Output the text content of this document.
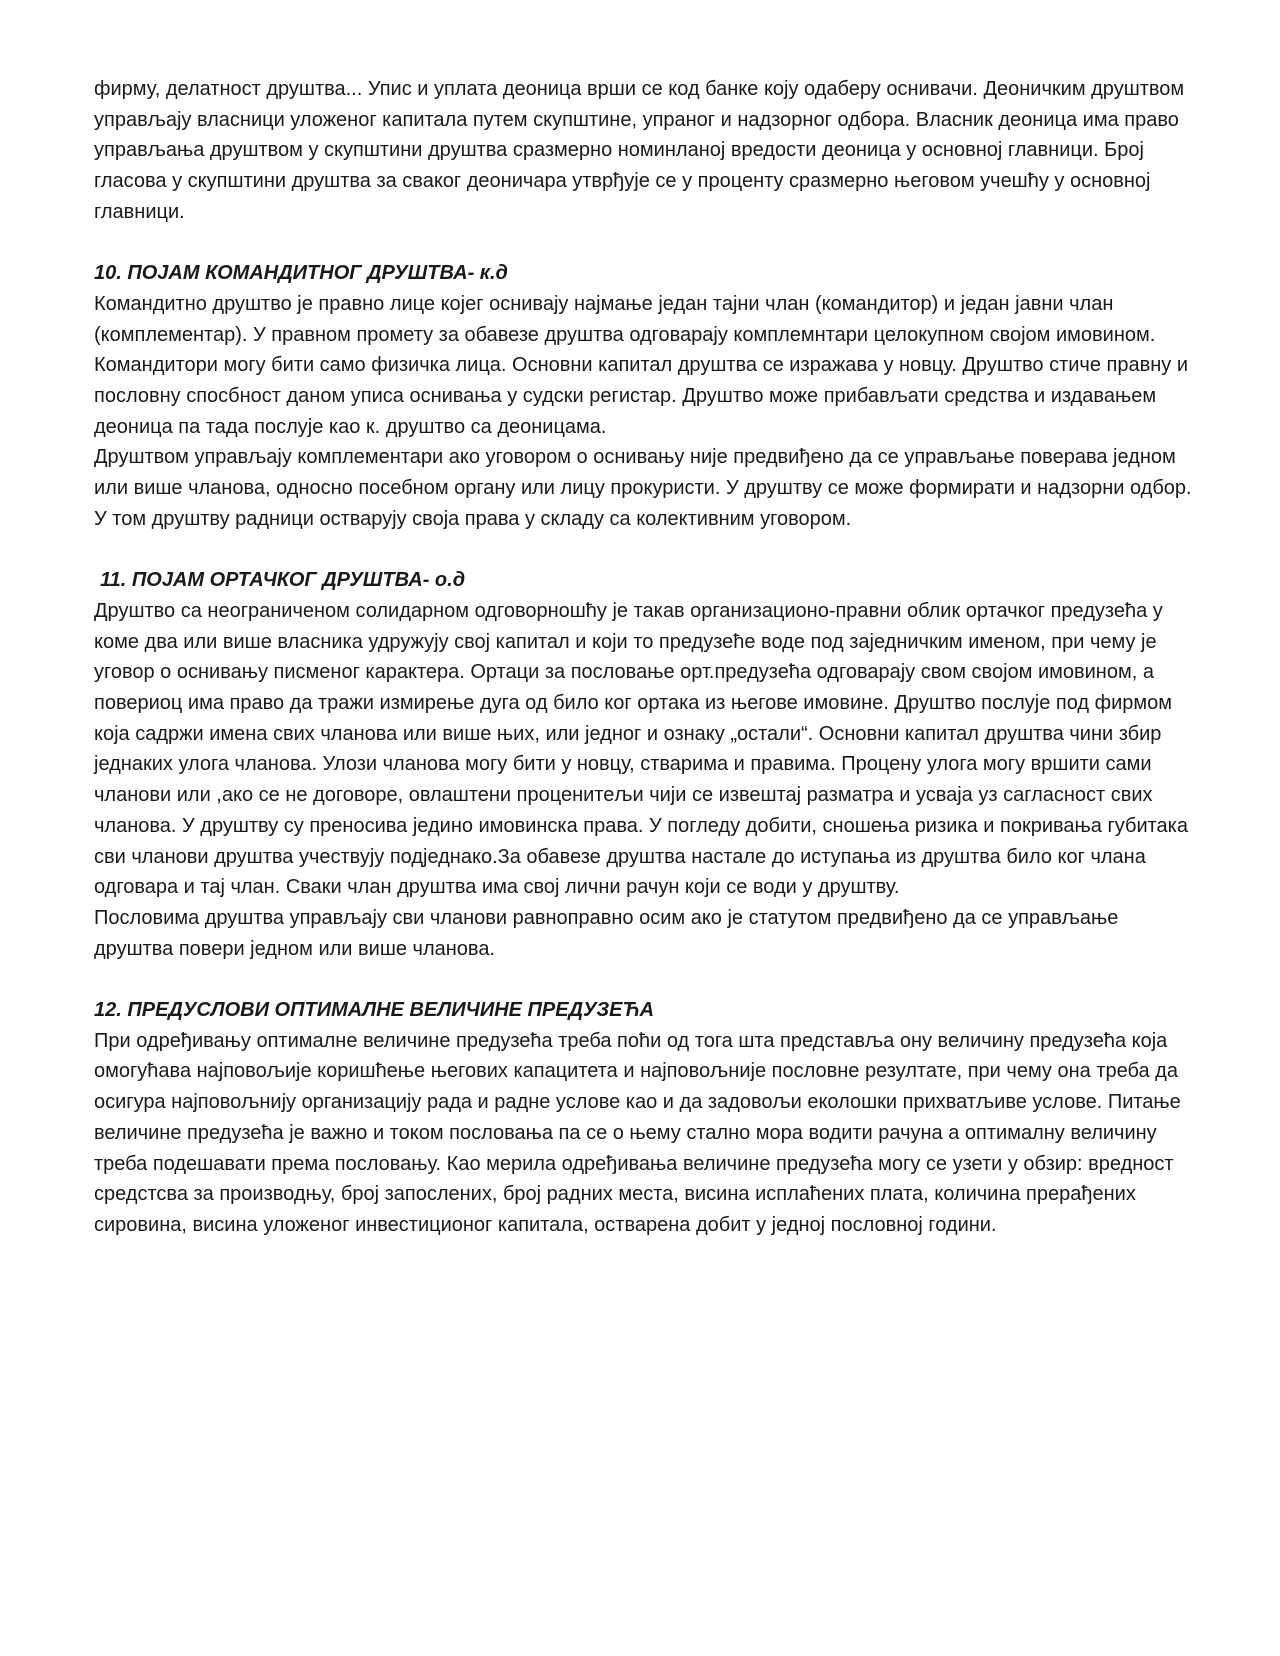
фирму, делатност друштва... Упис и уплата деоница врши се код банке коју одаберу оснивачи. Деоничким друштвом управљају власници уложеног капитала путем скупштине, упраног и надзорног одбора. Власник деоница има право управљања друштвом у скупштини друштва сразмерно номинланој вредости деоница у основној главници. Број гласова у скупштини друштва за сваког деоничара утврђује се у проценту сразмерно његовом учешћу у основној главници.

10. ПОЈАМ КОМАНДИТНОГ ДРУШТВА- к.д

Командитно друштво је правно лице којег оснивају најмање један тајни члан (командитор) и један јавни члан (комплементар). У правном промету за обавезе друштва одговарају комплемнтари целокупном својом имовином. Командитори могу бити само физичка лица. Основни капитал друштва се изражава у новцу. Друштво стиче правну и пословну спосбност даном уписа оснивања у судски регистар. Друштво може прибављати средства и издавањем деоница па тада послује као к. друштво са деоницама.

Друштвом управљају комплементари ако уговором о оснивању није предвиђено да се управљање поверава једном или више чланова, односно посебном органу или лицу прокуристи. У друштву се може формирати и надзорни одбор. У том друштву радници остварују своја права у складу са колективним уговором.

11. ПОЈАМ ОРТАЧКОГ ДРУШТВА- о.д

Друштво са неограниченом солидарном одговорношћу је такав организационо-правни облик ортачког предузећа у коме два или више власника удружују свој капитал и који то предузеће воде под заједничким именом, при чему је уговор о оснивању писменог карактера. Ортаци за пословање орт.предузећа одговарају свом својом имовином, а повериоц има право да тражи измирење дуга од било ког ортака из његове имовине. Друштво послује под фирмом која садржи имена свих чланова или више њих, или једног и ознаку „остали“. Основни капитал друштва чини збир једнаких улога чланова. Улози чланова могу бити у новцу, стварима и правима. Процену улога могу вршити сами чланови или ,ако се не договоре, овлаштени проценитељи чији се извештај разматра и усваја уз сагласност свих чланова. У друштву су преносива једино имовинска права. У погледу добити, сношења ризика и покривања губитака сви чланови друштва учествују подједнако.За обавезе друштва настале до иступања из друштва било ког члана одговара и тај члан. Сваки члан друштва има свој лични рачун који се води у друштву.

Пословима друштва управљају сви чланови равноправно осим ако је статутом предвиђено да се управљање друштва повери једном или више чланова.

12. ПРЕДУСЛОВИ ОПТИМАЛНЕ ВЕЛИЧИНЕ ПРЕДУЗЕЋА

При одређивању оптималне величине предузећа треба поћи од тога шта представља ону величину предузећа која омогућава најповољије коришћење његових капацитета и најповољније пословне резултате, при чему она треба да осигура најповољнију организацију рада и радне услове као и да задовољи еколошки прихватљиве услове. Питање величине предузећа је важно и током пословања па се о њему стално мора водити рачуна а оптималну величину треба подешавати према пословању. Као мерила одређивања величине предузећа могу се узети у обзир: вредност средстсва за производњу, број запослених, број радних места, висина исплаћених плата, количина прерађених сировина, висина уложеног инвестиционог капитала, остварена добит у једној пословној години.
